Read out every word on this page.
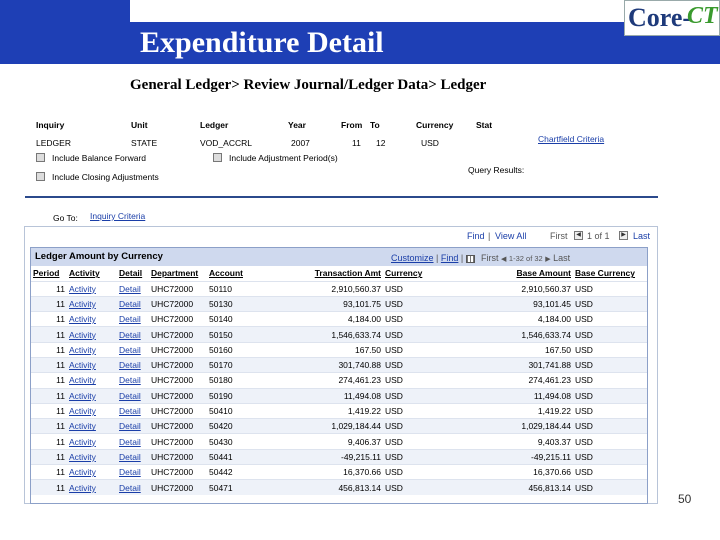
Expenditure Detail
Core-
CT
General Ledger> Review Journal/Ledger Data> Ledger
Inquiry	Unit	Ledger	Year	From To	Currency	Stat
LEDGER	STATE	VOD_ACCRL	2007	11 12	USD	Chartfield Criteria
Include Balance Forward	Include Adjustment Period(s)
Query Results:
Include Closing Adjustments
Go To: Inquiry Criteria
Find | View All	First	◀ 1 of 1	▶ Last
Ledger Amount by Currency	Customize | Find |	First ◀ 1-32 of 32 ▶ Last
Period	Activity	Detail	Department	Account	Transaction Amt	Currency	Base Amount	Base Currency
11	Activity	Detail	UHC72000	50110	2,910,560.37	USD	2,910,560.37	USD
11	Activity	Detail	UHC72000	50130	93,101.75	USD	93,101.45	USD
11	Activity	Detail	UHC72000	50140	4,184.00	USD	4,184.00	USD
11	Activity	Detail	UHC72000	50150	1,546,633.74	USD	1,546,633.74	USD
11	Activity	Detail	UHC72000	50160	167.50	USD	167.50	USD
11	Activity	Detail	UHC72000	50170	301,740.88	USD	301,741.88	USD
11	Activity	Detail	UHC72000	50180	274,461.23	USD	274,461.23	USD
11	Activity	Detail	UHC72000	50190	11,494.08	USD	11,494.08	USD
11	Activity	Detail	UHC72000	50410	1,419.22	USD	1,419.22	USD
11	Activity	Detail	UHC72000	50420	1,029,184.44	USD	1,029,184.44	USD
11	Activity	Detail	UHC72000	50430	9,406.37	USD	9,403.37	USD
11	Activity	Detail	UHC72000	50441	-49,215.11	USD	-49,215.11	USD
11	Activity	Detail	UHC72000	50442	16,370.66	USD	16,370.66	USD
11	Activity	Detail	UHC72000	50471	456,813.14	USD	456,813.14	USD
50
